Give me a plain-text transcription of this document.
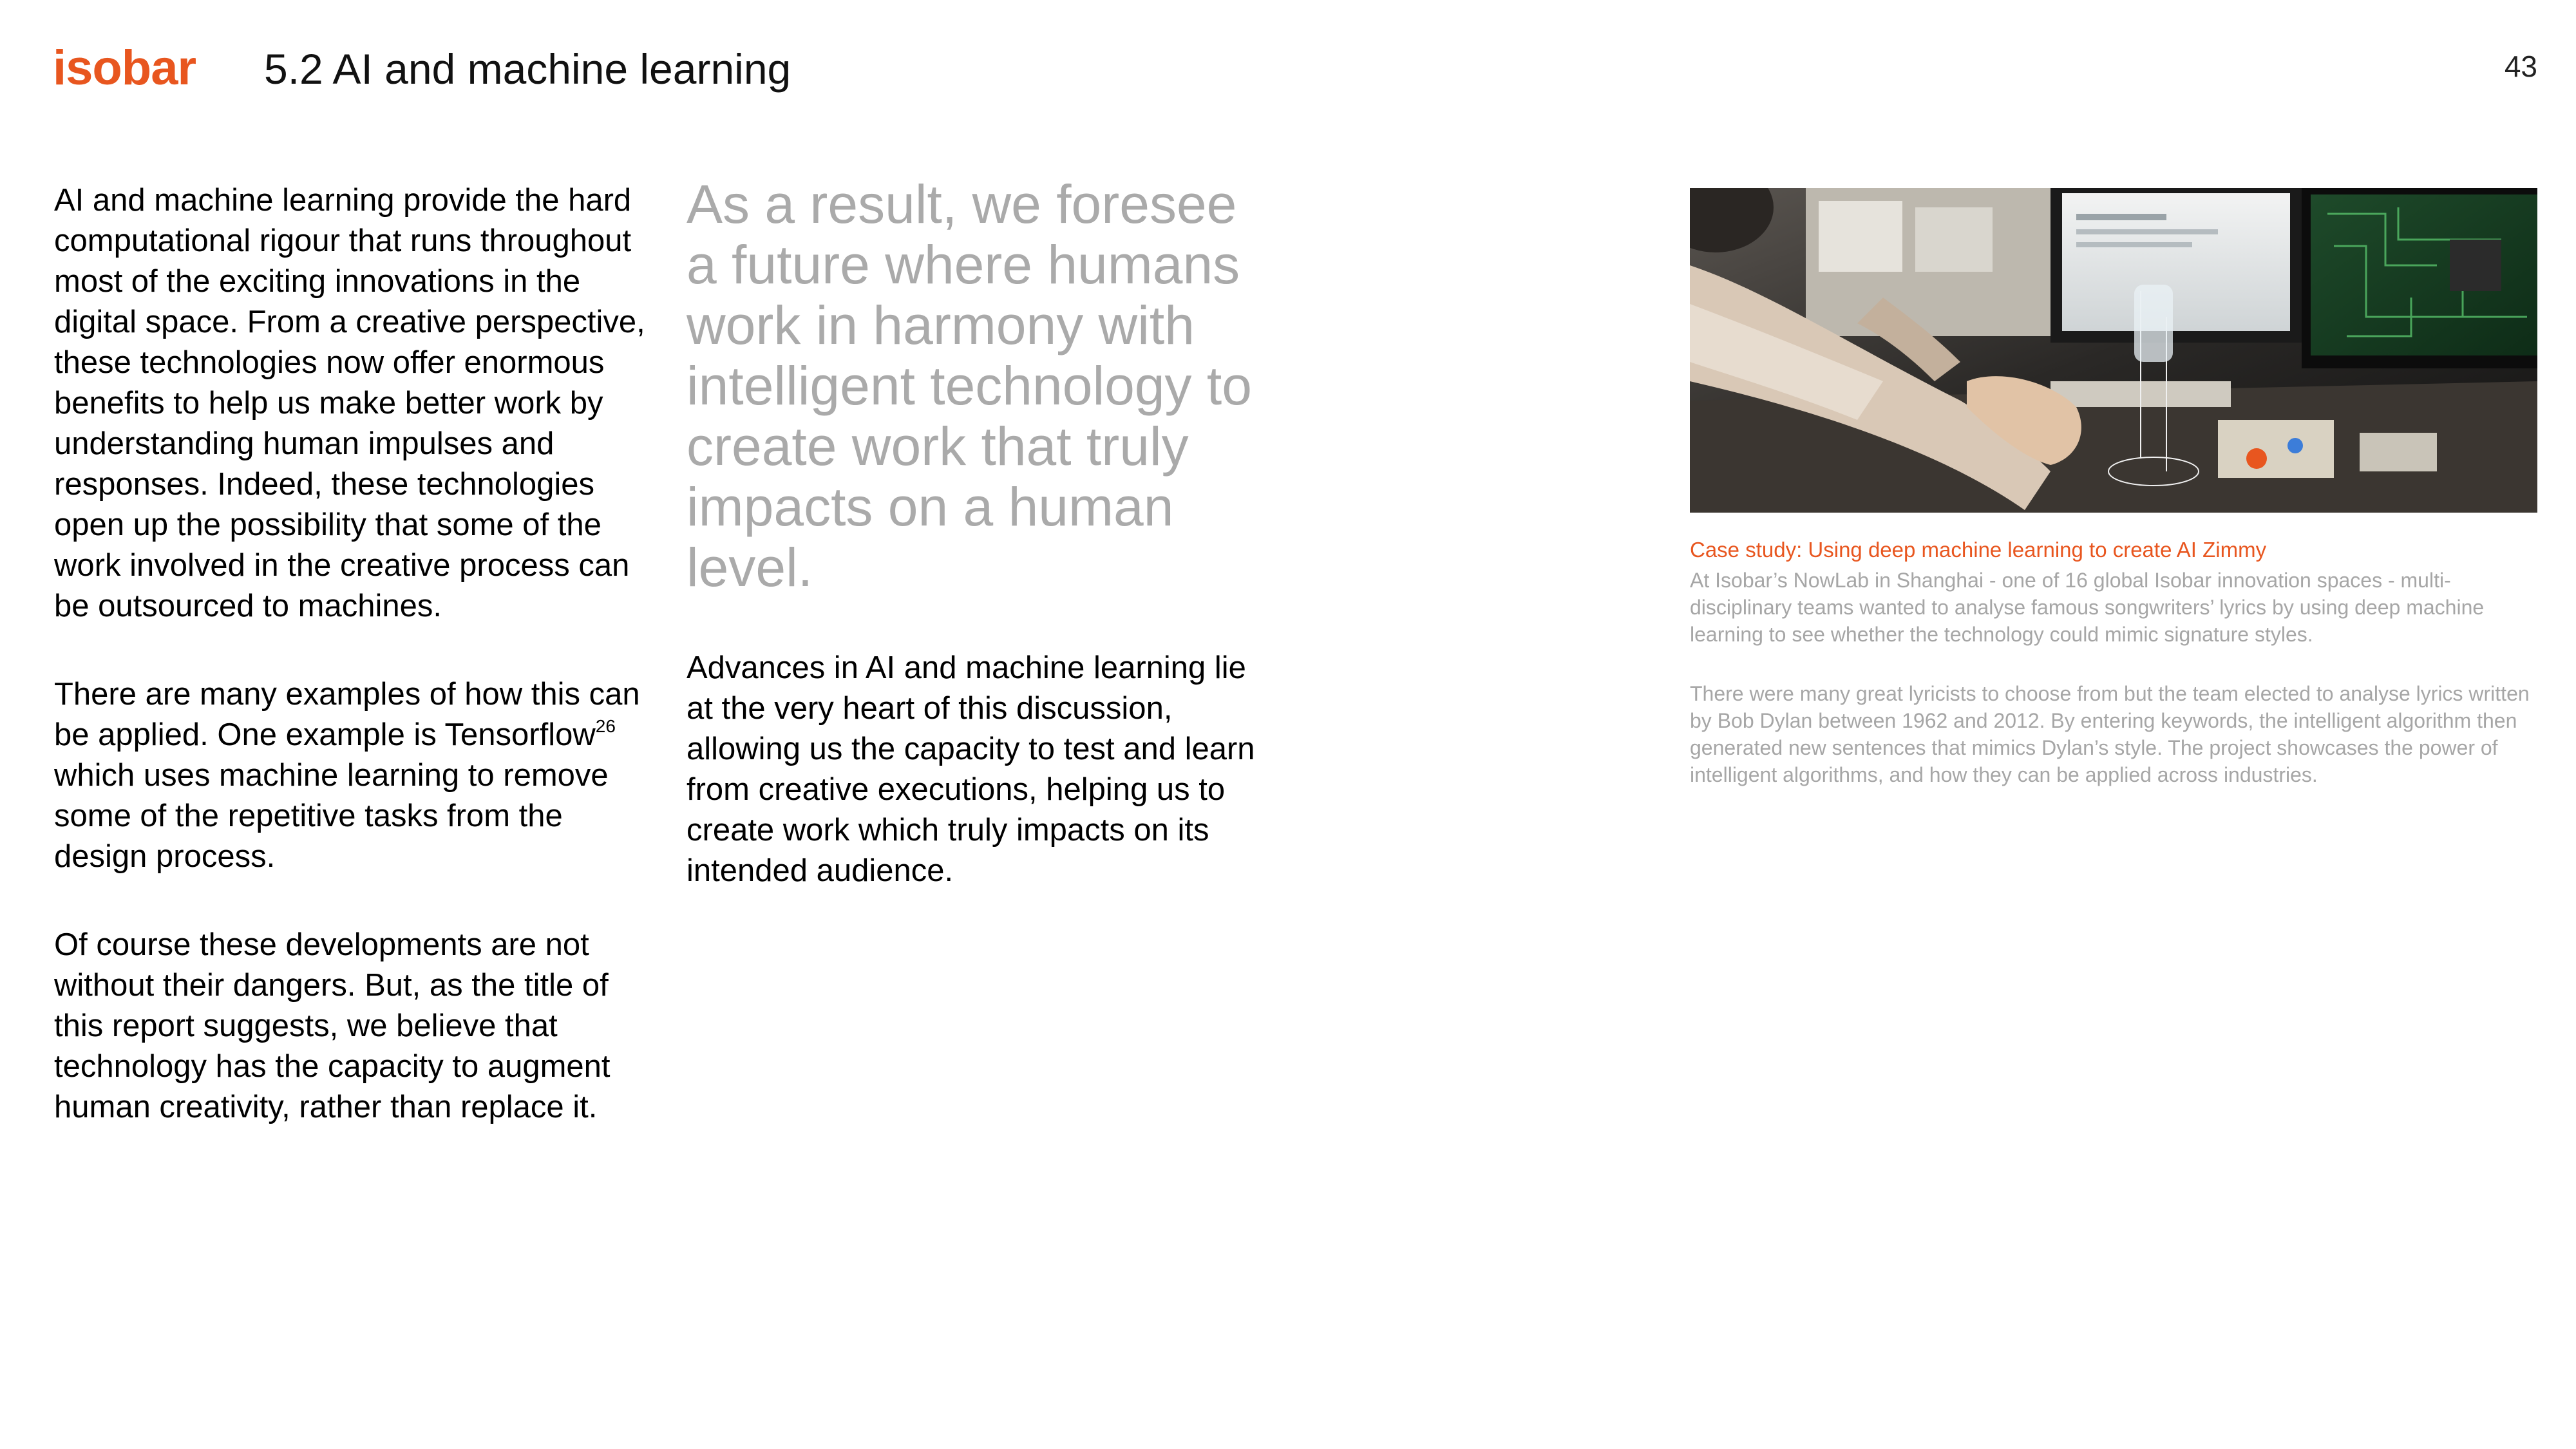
isobar 5.2 AI and machine learning	43

AI and machine learning provide the hard computational rigour that runs throughout most of the exciting innovations in the digital space. From a creative perspective, these technologies now offer enormous benefits to help us make better work by understanding human impulses and responses. Indeed, these technologies open up the possibility that some of the work involved in the creative process can be outsourced to machines.

There are many examples of how this can be applied. One example is Tensorflow$^{26}$ which uses machine learning to remove some of the repetitive tasks from the design process.

Of course these developments are not without their dangers. But, as the title of this report suggests, we believe that technology has the capacity to augment human creativity, rather than replace it.

As a result, we foresee a future where humans work in harmony with intelligent technology to create work that truly impacts on a human level.
Advances in AI and machine learning lie at the very heart of this discussion, allowing us the capacity to test and learn from creative executions, helping us to create work which truly impacts on its intended audience.
Case study: Using deep machine learning to create AI Zimmy

At Isobar’s NowLab in Shanghai - one of 16 global Isobar innovation spaces - multi-disciplinary teams wanted to analyse famous songwriters’ lyrics by using deep machine learning to see whether the technology could mimic signature styles.

There were many great lyricists to choose from but the team elected to analyse lyrics written by Bob Dylan between 1962 and 2012. By entering keywords, the intelligent algorithm then generated new sentences that mimics Dylan’s style. The project showcases the power of intelligent algorithms, and how they can be applied across industries.
